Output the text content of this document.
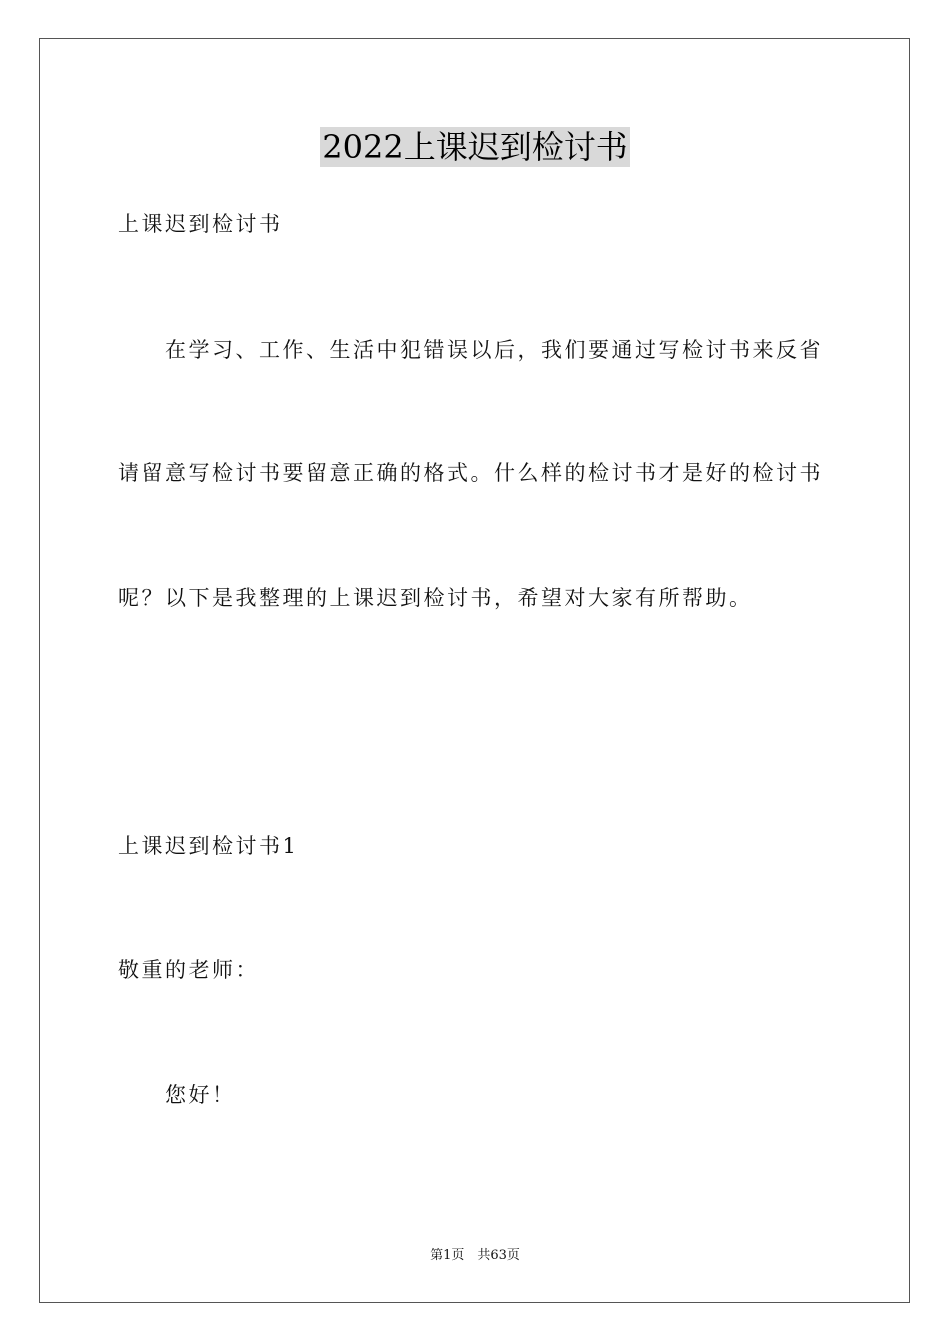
2022上课迟到检讨书
上课迟到检讨书
在学习、工作、生活中犯错误以后，我们要通过写检讨书来反省
请留意写检讨书要留意正确的格式。什么样的检讨书才是好的检讨书
呢？以下是我整理的上课迟到检讨书，希望对大家有所帮助。
上课迟到检讨书1
敬重的老师：
您好！
第1页　共63页
